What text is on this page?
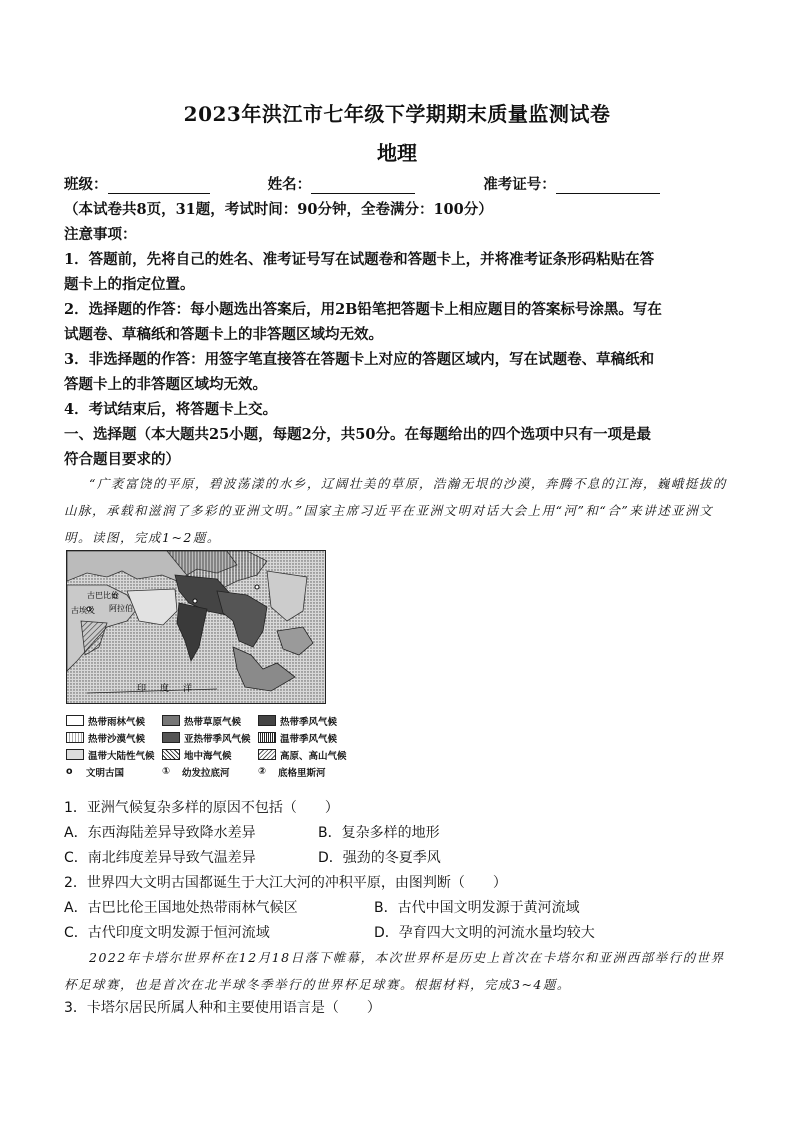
2023年洪江市七年级下学期期末质量监测试卷
地理
班级：	姓名：	准考证号：
（本试卷共8页，31题，考试时间：90分钟，全卷满分：100分）
注意事项：
1．答题前，先将自己的姓名、准考证号写在试题卷和答题卡上，并将准考证条形码粘贴在答
题卡上的指定位置。
2．选择题的作答：每小题选出答案后，用2B铅笔把答题卡上相应题目的答案标号涂黑。写在
试题卷、草稿纸和答题卡上的非答题区域均无效。
3．非选择题的作答：用签字笔直接答在答题卡上对应的答题区域内，写在试题卷、草稿纸和
答题卡上的非答题区域均无效。
4．考试结束后，将答题卡上交。
一、选择题（本大题共25小题，每题2分，共50分。在每题给出的四个选项中只有一项是最
符合题目要求的）
“广袤富饶的平原，碧波荡漾的水乡，辽阔壮美的草原，浩瀚无垠的沙漠，奔腾不息的江海，巍峨挺拔的山脉，承载和滋润了多彩的亚洲文明。”国家主席习近平在亚洲文明对话大会上用“河”和“合”来讲述亚洲文明。读图，完成1~2题。
古巴比伦
古埃及 阿拉伯
印度洋
热带雨林气候	热带草原气候	热带季风气候
热带沙漠气候	亚热带季风气候	温带季风气候
温带大陆性气候	地中海气候	高原、高山气候
o	文明古国	①	幼发拉底河	②	底格里斯河
1．亚洲气候复杂多样的原因不包括（　　）
A．东西海陆差异导致降水差异	B．复杂多样的地形
C．南北纬度差异导致气温差异	D．强劲的冬夏季风
2．世界四大文明古国都诞生于大江大河的冲积平原，由图判断（　　）
A．古巴比伦王国地处热带雨林气候区	B．古代中国文明发源于黄河流域
C．古代印度文明发源于恒河流域	D．孕育四大文明的河流水量均较大
2022年卡塔尔世界杯在12月18日落下帷幕，本次世界杯是历史上首次在卡塔尔和亚洲西部举行的世界杯足球赛，也是首次在北半球冬季举行的世界杯足球赛。根据材料，完成3~4题。
3．卡塔尔居民所属人种和主要使用语言是（　　）
